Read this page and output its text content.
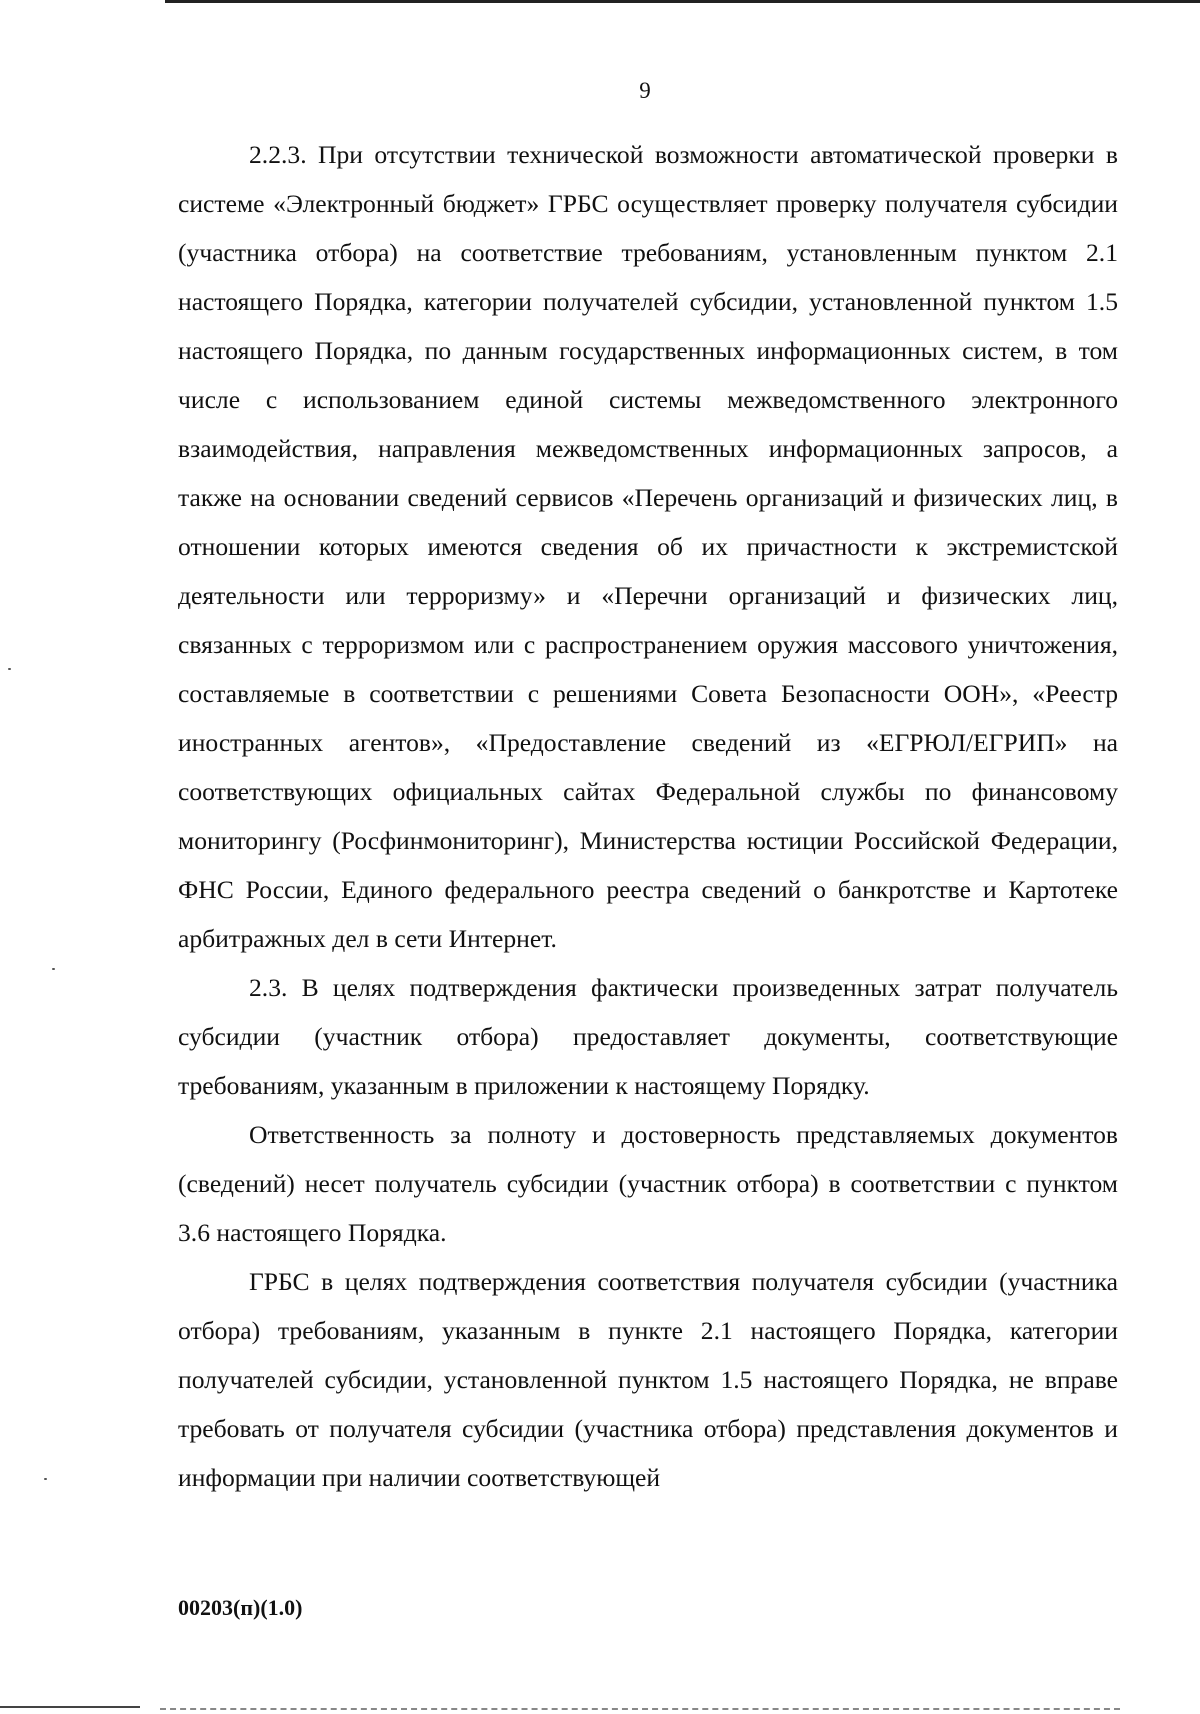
9

2.2.3. При отсутствии технической возможности автоматической проверки в системе «Электронный бюджет» ГРБС осуществляет проверку получателя субсидии (участника отбора) на соответствие требованиям, установленным пунктом 2.1 настоящего Порядка, категории получателей субсидии, установленной пунктом 1.5 настоящего Порядка, по данным государственных информационных систем, в том числе с использованием единой системы межведомственного электронного взаимодействия, направления межведомственных информационных запросов, а также на основании сведений сервисов «Перечень организаций и физических лиц, в отношении которых имеются сведения об их причастности к экстремистской деятельности или терроризму» и «Перечни организаций и физических лиц, связанных с терроризмом или с распространением оружия массового уничтожения, составляемые в соответствии с решениями Совета Безопасности ООН», «Реестр иностранных агентов», «Предоставление сведений из «ЕГРЮЛ/ЕГРИП» на соответствующих официальных сайтах Федеральной службы по финансовому мониторингу (Росфинмониторинг), Министерства юстиции Российской Федерации, ФНС России, Единого федерального реестра сведений о банкротстве и Картотеке арбитражных дел в сети Интернет.

2.3. В целях подтверждения фактически произведенных затрат получатель субсидии (участник отбора) предоставляет документы, соответствующие требованиям, указанным в приложении к настоящему Порядку.

Ответственность за полноту и достоверность представляемых документов (сведений) несет получатель субсидии (участник отбора) в соответствии с пунктом 3.6 настоящего Порядка.

ГРБС в целях подтверждения соответствия получателя субсидии (участника отбора) требованиям, указанным в пункте 2.1 настоящего Порядка, категории получателей субсидии, установленной пунктом 1.5 настоящего Порядка, не вправе требовать от получателя субсидии (участника отбора) представления документов и информации при наличии соответствующей

00203(п)(1.0)
